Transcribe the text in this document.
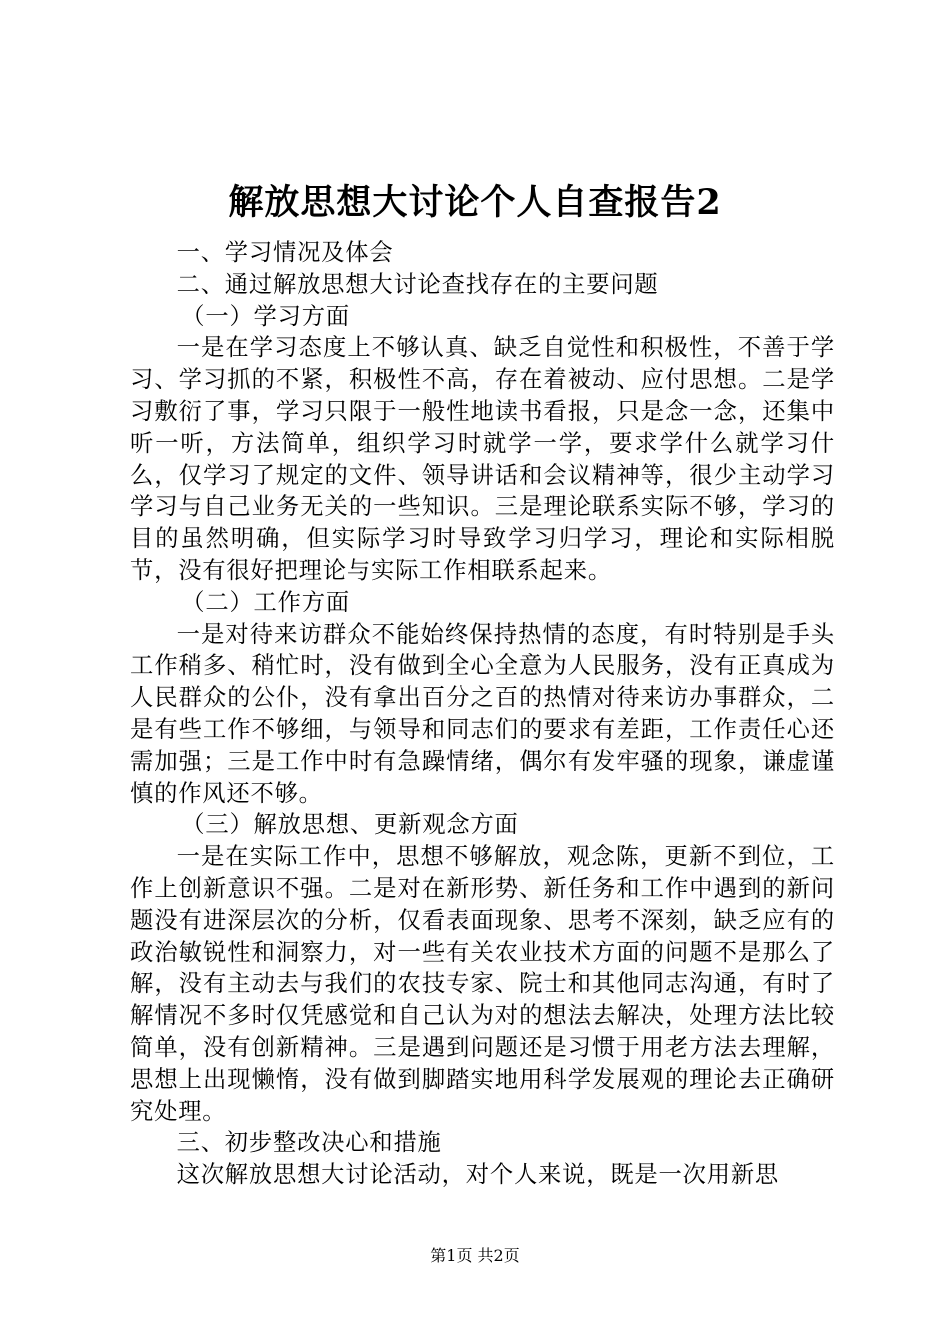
解放思想大讨论个人自查报告2

一、学习情况及体会

二、通过解放思想大讨论查找存在的主要问题

（一）学习方面

一是在学习态度上不够认真、缺乏自觉性和积极性，不善于学习、学习抓的不紧，积极性不高，存在着被动、应付思想。二是学习敷衍了事，学习只限于一般性地读书看报，只是念一念，还集中听一听，方法简单，组织学习时就学一学，要求学什么就学习什么，仅学习了规定的文件、领导讲话和会议精神等，很少主动学习学习与自己业务无关的一些知识。三是理论联系实际不够，学习的目的虽然明确，但实际学习时导致学习归学习，理论和实际相脱节，没有很好把理论与实际工作相联系起来。

（二）工作方面

一是对待来访群众不能始终保持热情的态度，有时特别是手头工作稍多、稍忙时，没有做到全心全意为人民服务，没有正真成为人民群众的公仆，没有拿出百分之百的热情对待来访办事群众，二是有些工作不够细，与领导和同志们的要求有差距，工作责任心还需加强；三是工作中时有急躁情绪，偶尔有发牢骚的现象，谦虚谨慎的作风还不够。

（三）解放思想、更新观念方面

一是在实际工作中，思想不够解放，观念陈，更新不到位，工作上创新意识不强。二是对在新形势、新任务和工作中遇到的新问题没有进深层次的分析，仅看表面现象、思考不深刻，缺乏应有的政治敏锐性和洞察力，对一些有关农业技术方面的问题不是那么了解，没有主动去与我们的农技专家、院士和其他同志沟通，有时了解情况不多时仅凭感觉和自己认为对的想法去解决，处理方法比较简单，没有创新精神。三是遇到问题还是习惯于用老方法去理解，思想上出现懒惰，没有做到脚踏实地用科学发展观的理论去正确研究处理。

三、初步整改决心和措施

这次解放思想大讨论活动，对个人来说，既是一次用新思

第1页 共2页
